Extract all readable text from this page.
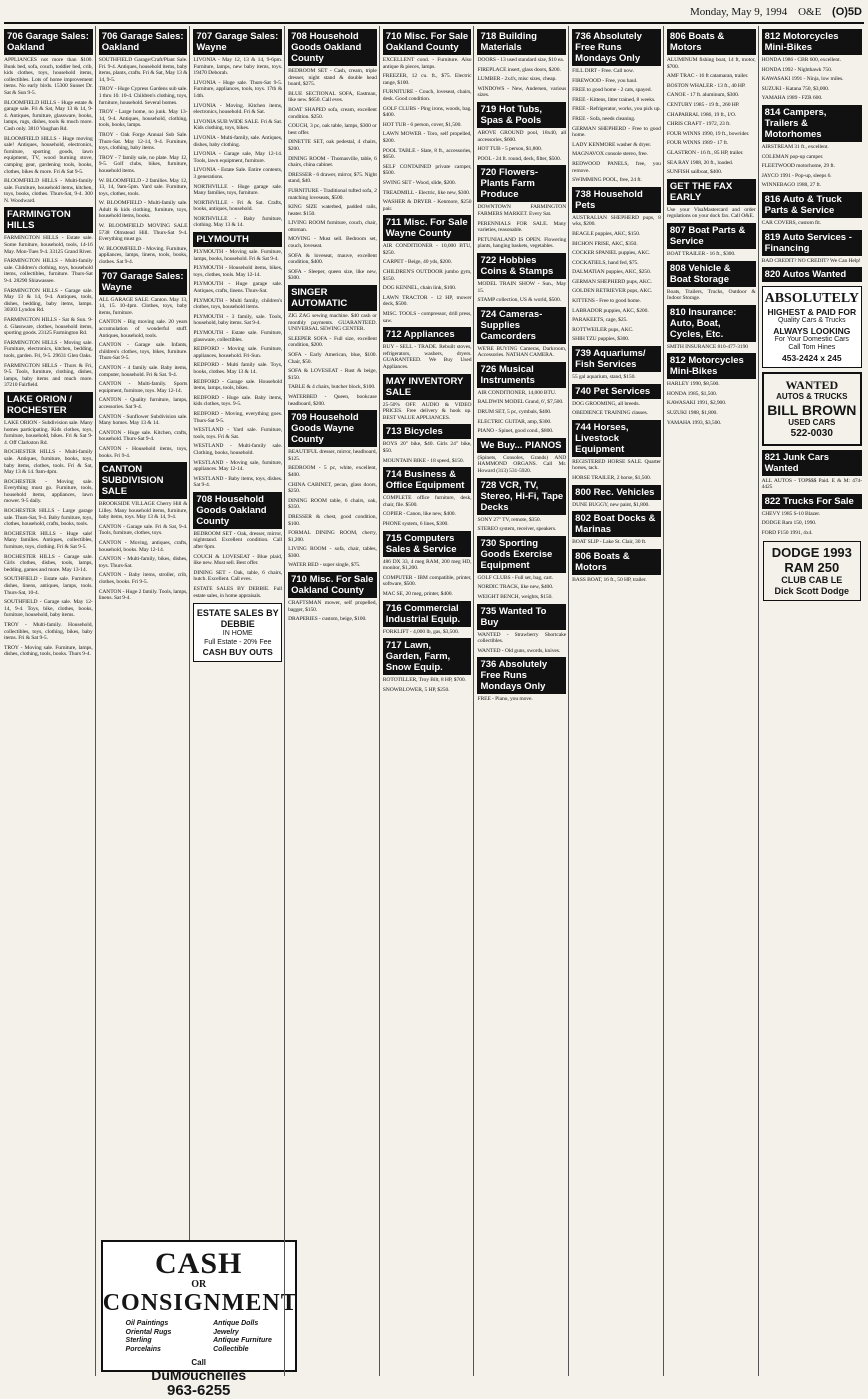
Monday, May 9, 1994 O&E (O)5D
706 Garage Sales: Oakland

APPLIANCES not more than $100. Bunk bed, sofa, couch, toddler bed, crib, kids clothes, toys, household items, collectibles. Lots of home improvement items. No early birds. 15300 Sunset Dr. Sat & Sun 9-5.

BLOOMFIELD HILLS - Huge estate & garage sale. Fri & Sat, May 13 & 14, 9-4. Antiques, furniture, glassware, books, lamps, rugs, dishes, tools & much more. Cash only. 3810 Vaughan Rd.

BLOOMFIELD HILLS - Huge moving sale! Antiques, household, electronics, furniture, sporting goods, lawn equipment, TV, wood burning stove, camping gear, gardening tools, books, clothes, bikes & more. Fri & Sat 9-5.

BLOOMFIELD HILLS - Multi-family sale. Furniture, household items, kitchen, toys, books, clothes. Thurs-Sat, 9-4. 300 N. Woodward.

FARMINGTON HILLS

FARMINGTON HILLS - Estate sale. Some furniture, household, tools, 14-16 May. Mon-Tues 9-4. 33125 Grand River.

FARMINGTON HILLS - Multi-family sale. Children's clothing, toys, household items, collectibles, furniture. Thurs-Sat 9-4. 28290 Shiawassee.

FARMINGTON HILLS - Garage sale. May 13 & 14, 9-4. Antiques, tools, dishes, bedding, baby items, lamps. 30303 Lyndon Rd.

FARMINGTON HILLS - Sat & Sun. 9-4. Glassware, clothes, household items, sporting goods. 23125 Farmington Rd.

FARMINGTON HILLS - Moving sale. Furniture, electronics, kitchen, bedding, tools, garden. Fri, 9-5. 29631 Glen Oaks.

FARMINGTON HILLS - Thurs & Fri, 9-5. Tools, furniture, clothing, dishes, lamps, baby items and much more. 37210 Fairfield.

LAKE ORION / ROCHESTER

LAKE ORION - Subdivision sale. Many homes participating. Kids clothes, toys, furniture, household, bikes. Fri & Sat 9-4. Off Clarkston Rd.

ROCHESTER HILLS - Multi-family sale. Antiques, furniture, books, toys, baby items, clothes, tools. Fri & Sat, May 13 & 14. 9am-4pm.

ROCHESTER - Moving sale. Everything must go. Furniture, tools, household items, appliances, lawn mower. 9-5 daily.

ROCHESTER HILLS - Large garage sale. Thurs-Sat, 9-4. Baby furniture, toys, clothes, household, crafts, books, tools.

ROCHESTER HILLS - Huge sale! Many families. Antiques, collectibles, furniture, toys, clothing. Fri & Sat 9-5.

ROCHESTER HILLS - Garage sale. Girls clothes, dishes, tools, lamps, bedding, games and more. May 13-14.

SOUTHFIELD - Estate sale. Furniture, dishes, linens, antiques, lamps, tools. Thurs-Sat, 10-4.

SOUTHFIELD - Garage sale. May 12-14, 9-4. Toys, bike, clothes, books, furniture, household, baby items.

TROY - Multi-family. Household, collectibles, toys, clothing, bikes, baby items. Fri & Sat 9-5.

TROY - Moving sale. Furniture, lamps, dishes, clothing, tools, books. Thurs 9-4.

706 Garage Sales: Oakland

SOUTHFIELD Garage/Craft/Plant Sale. Fri. 9-4. Antiques, household items, baby items, plants, crafts. Fri & Sat, May 13 & 14, 9-5.

TROY - Huge Cypress Gardens sub sale. 1 thru 10. 10-4. Children's clothing, toys, furniture, household. Several homes.

TROY - Large home, no junk. May 13-14, 9-4. Antiques, household, clothing, tools, books, lamps.

TROY - Oak Forge Annual Sub Sale. Thurs-Sat. May 12-14, 9-4. Furniture, toys, clothing, baby items.

TROY - 7 family sale, no plate. May 12, 9-5. Golf clubs, bikes, furniture, household items.

W. BLOOMFIELD - 2 families. May 12, 13, 14, 9am-5pm. Yard sale. Furniture, toys, clothes, tools.

W. BLOOMFIELD - Multi-family sale. Adult & kids clothing, furniture, toys, household items, books.

W. BLOOMFIELD MOVING SALE 5738 Olmstead Hill. Thurs-Sat 9-4. Everything must go.

W. BLOOMFIELD - Moving. Furniture, appliances, lamps, linens, tools, books, clothes. Sat 9-4.

707 Garage Sales: Wayne

ALL GARAGE SALE. Canton. May 13, 14, 15. 10-4pm. Clothes, toys, baby items, furniture.

CANTON - Big moving sale. 20 years accumulation of wonderful stuff. Antiques, household, tools.

CANTON - Garage sale. Infants, children's clothes, toys, bikes, furniture. Thurs-Sat 9-5.

CANTON - 4 family sale. Baby items, computer, household. Fri & Sat. 9-4.

CANTON - Multi-family. Sports equipment, furniture, toys. May 12-14.

CANTON - Quality furniture, lamps, accessories. Sat 9-4.

CANTON - Sunflower Subdivision sale. Many homes. May 13 & 14.

CANTON - Huge sale. Kitchen, crafts, household. Thurs-Sat 9-4.

CANTON - Household items, toys, books. Fri 9-4.

CANTON SUBDIVISION SALE

BROOKSIDE VILLAGE Cherry Hill & Lilley. Many household items, furniture, baby items, toys. May 13 & 14, 9-4.

CANTON - Garage sale. Fri & Sat, 9-4. Tools, furniture, clothes, toys.

CANTON - Moving, antiques, crafts, household, books. May 12-14.

CANTON - Multi-family, bikes, dishes, toys. Thurs-Sat.

CANTON - Baby items, stroller, crib, clothes, books. Fri 9-5.

CANTON - Huge 2 family. Tools, lamps, linens. Sat 9-4.

CASH
OR
CONSIGNMENT
Oil Paintings
Oriental Rugs
Sterling
Porcelains
Antique Dolls
Jewelry
Antique Furniture
Collectible
Call
DuMouchelles
963-6255
707 Garage Sales: Wayne

LIVONIA - May 12, 13 & 14, 9-6pm. Furniture, lamps, new baby items, toys. 19470 Deborah.

LIVONIA - Huge sale. Thurs-Sat 9-5. Furniture, appliances, tools, toys. 17th & 14th.

LIVONIA - Moving. Kitchen items, electronics, household. Fri & Sat.

LIVONIA SUB WIDE SALE. Fri & Sat. Kids clothing, toys, bikes.

LIVONIA - Multi-family, sale. Antiques, dishes, baby clothing.

LIVONIA - Garage sale, May 12-14. Tools, lawn equipment, furniture.

LIVONIA - Estate Sale. Entire contents, 3 generations.

NORTHVILLE - Huge garage sale. Many families, toys, furniture.

NORTHVILLE - Fri & Sat. Crafts, books, antiques, household.

NORTHVILLE - Baby furniture, clothing. May 13 & 14.

PLYMOUTH

PLYMOUTH - Moving sale. Furniture, lamps, books, household. Fri & Sat 9-4.

PLYMOUTH - Household items, bikes, toys, clothes, tools. May 12-14.

PLYMOUTH - Huge garage sale. Antiques, crafts, linens. Thurs-Sat.

PLYMOUTH - Multi family, children's clothes, toys, household items.

PLYMOUTH - 3 family, sale. Tools, household, baby items. Sat 9-4.

PLYMOUTH - Estate sale. Furniture, glassware, collectibles.

REDFORD - Moving sale. Furniture, appliances, household. Fri-Sun.

REDFORD - Multi family sale. Toys, books, clothes. May 13 & 14.

REDFORD - Garage sale. Household items, lamps, tools, bikes.

REDFORD - Huge sale. Baby items, kids clothes, toys. 9-5.

REDFORD - Moving, everything goes. Thurs-Sat 9-5.

WESTLAND - Yard sale. Furniture, tools, toys. Fri & Sat.

WESTLAND - Multi-family sale. Clothing, books, household.

WESTLAND - Moving sale, furniture, appliances. May 12-14.

WESTLAND - Baby items, toys, dishes. Sat 9-4.

708 Household Goods Oakland County

BEDROOM SET - Oak, dresser, mirror, nightstand. Excellent condition. Call after 6pm.

COUCH & LOVESEAT - Blue plaid, like new. Must sell. Best offer.

DINING SET - Oak, table, 6 chairs, hutch. Excellent. Call eves.

ESTATE SALES BY DEBBIE. Full estate sales, in home appraisals.

ESTATE SALES BY DEBBIE
IN HOME
Full Estate - 20% Fee
CASH BUY OUTS
708 Household Goods Oakland County

BEDROOM SET - Cash, cream, triple dresser, night stand & double head board, $275.

BLUE SECTIONAL SOFA, Eastman, like new. $650. Call eves.

BOAT SHAPED sofa, cream, excellent condition. $250.

COUCH, 3 pc, oak table, lamps, $300 or best offer.

DINETTE SET, oak pedestal, 4 chairs, $200.

DINING ROOM - Thomasville, table, 6 chairs, china cabinet.

DRESSER - 6 drawer, mirror, $75. Night stand, $40.

FURNITURE - Traditional tufted sofa, 2 matching loveseats, $500.

KING SIZE waterbed, padded rails, heater. $150.

LIVING ROOM furniture, couch, chair, ottoman.

MOVING - Must sell. Bedroom set, couch, loveseat.

SOFA & loveseat, mauve, excellent condition, $400.

SOFA - Sleeper, queen size, like new, $300.

SINGER AUTOMATIC

ZIG ZAG sewing machine. $40 cash or monthly payments. GUARANTEED. UNIVERSAL SEWING CENTER.

SLEEPER SOFA - Full size, excellent condition, $200.

SOFA - Early American, blue, $100. Chair, $50.

SOFA & LOVESEAT - Rust & beige, $150.

TABLE & 4 chairs, butcher block, $100.

WATERBED - Queen, bookcase headboard, $200.

709 Household Goods Wayne County

BEAUTIFUL dresser, mirror, headboard, $125.

BEDROOM - 5 pc, white, excellent, $400.

CHINA CABINET, pecan, glass doors, $250.

DINING ROOM table, 6 chairs, oak, $350.

DRESSER & chest, good condition, $100.

FORMAL DINING ROOM, cherry, $1,200.

LIVING ROOM - sofa, chair, tables, $300.

WATER BED - super single, $75.

710 Misc. For Sale Oakland County

CRAFTSMAN mower, self propelled, bagger, $150.

DRAPERIES - custom, beige, $100.

710 Misc. For Sale Oakland County

EXCELLENT cond. - Furniture. Also antique & pieces, lamps.

FREEZER, 12 cu. ft., $75. Electric range, $100.

FURNITURE - Couch, loveseat, chairs, desk. Good condition.

GOLF CLUBS - Ping irons, woods, bag. $400.

HOT TUB - 6 person, cover, $1,500.

LAWN MOWER - Toro, self propelled, $200.

POOL TABLE - Slate, 8 ft., accessories, $650.

SELF CONTAINED private camper, $500.

SWING SET - Wood, slide, $200.

TREADMILL - Electric, like new, $300.

WASHER & DRYER - Kenmore, $250 pair.

711 Misc. For Sale Wayne County

AIR CONDITIONER - 10,000 BTU, $250.

CARPET - Beige, 40 yds, $200.

CHILDREN'S OUTDOOR jumbo gym, $150.

DOG KENNEL, chain link, $100.

LAWN TRACTOR - 12 HP, mower deck, $500.

MISC. TOOLS - compressor, drill press, saw.

712 Appliances

BUY - SELL - TRADE. Rebuilt stoves, refrigerators, washers, dryers. GUARANTEED. We Buy Used Appliances.

MAY INVENTORY SALE

25-50% OFF. AUDIO & VIDEO PRICES. Free delivery & hook up. BEST VALUE APPLIANCES.

713 Bicycles

BOYS 20" bike, $40. Girls 24" bike, $50.

MOUNTAIN BIKE - 18 speed, $150.

714 Business & Office Equipment

COMPLETE office furniture, desk, chair, file. $500.

COPIER - Canon, like new, $400.

PHONE system, 6 lines, $300.

715 Computers Sales & Service

486 DX 33, 4 meg RAM, 200 meg HD, monitor, $1,200.

COMPUTER - IBM compatible, printer, software, $500.

MAC SE, 20 meg, printer, $400.

716 Commercial Industrial Equip.

FORKLIFT - 4,000 lb, gas, $3,500.

717 Lawn, Garden, Farm, Snow Equip.

ROTOTILLER, Troy Bilt, 8 HP, $700.

SNOWBLOWER, 5 HP, $250.

718 Building Materials

DOORS - 13 used standard size, $10 ea.

FIREPLACE insert, glass doors, $200.

LUMBER - 2x4's, misc sizes, cheap.

WINDOWS - New, Andersen, various sizes.

719 Hot Tubs, Spas & Pools

ABOVE GROUND pool, 18x40, all accessories, $600.

HOT TUB - 5 person, $1,800.

POOL - 24 ft. round, deck, filter, $500.

720 Flowers-Plants Farm Produce

DOWNTOWN FARMINGTON FARMERS MARKET. Every Sat.

PERENNIALS FOR SALE. Many varieties, reasonable.

PETUNIALAND IS OPEN. Flowering plants, hanging baskets, vegetables.

722 Hobbies Coins & Stamps

MODEL TRAIN SHOW - Sun., May 15.

STAMP collection, US & world, $500.

724 Cameras-Supplies Camcorders

WE'RE BUYING Cameras, Darkroom, Accessories. NATHAN CAMERA.

726 Musical Instruments

AIR CONDITIONER, 14,000 BTU.

BALDWIN MODEL Grand, 6', $7,500.

DRUM SET, 5 pc, cymbals, $400.

ELECTRIC GUITAR, amp, $300.

PIANO - Spinet, good cond., $800.

We Buy... PIANOS

(Spinets, Consoles, Grands) AND HAMMOND ORGANS. Call Mr. Howard (313) 531-5920.

728 VCR, TV, Stereo, Hi-Fi, Tape Decks

SONY 27" TV, remote, $350.

STEREO system, receiver, speakers.

730 Sporting Goods Exercise Equipment

GOLF CLUBS - Full set, bag, cart.

NORDIC TRACK, like new, $400.

WEIGHT BENCH, weights, $150.

735 Wanted To Buy

WANTED - Strawberry Shortcake collectibles.

WANTED - Old guns, swords, knives.

736 Absolutely Free Runs Mondays Only

FREE - Piano, you move.

736 Absolutely Free Runs Mondays Only

FILL DIRT - Free. Call now.

FIREWOOD - Free, you haul.

FREE to good home - 2 cats, spayed.

FREE - Kittens, litter trained, 8 weeks.

FREE - Refrigerator, works, you pick up.

FREE - Sofa, needs cleaning.

GERMAN SHEPHERD - Free to good home.

LADY KENMORE washer & dryer.

MAGNAVOX console stereo, free.

REDWOOD PANELS, free, you remove.

SWIMMING POOL, free, 24 ft.

738 Household Pets

AUSTRALIAN SHEPHERD pups, 8 wks, $200.

BEAGLE puppies, AKC, $150.

BICHON FRISE, AKC, $350.

COCKER SPANIEL puppies, AKC.

COCKATIELS, hand fed, $75.

DALMATIAN puppies, AKC, $250.

GERMAN SHEPHERD pups, AKC.

GOLDEN RETRIEVER pups, AKC.

KITTENS - Free to good home.

LABRADOR puppies, AKC, $200.

PARAKEETS, cage, $25.

ROTTWEILER pups, AKC.

SHIH TZU puppies, $300.

739 Aquariums/ Fish Services

55 gal aquarium, stand, $150.

740 Pet Services

DOG GROOMING, all breeds.

OBEDIENCE TRAINING classes.

744 Horses, Livestock Equipment

REGISTERED HORSE SALE. Quarter horses, tack.

HORSE TRAILER, 2 horse, $1,500.

800 Rec. Vehicles

DUNE BUGGY, new paint, $1,800.

802 Boat Docks & Marinas

BOAT SLIP - Lake St. Clair, 30 ft.

806 Boats & Motors

BASS BOAT, 16 ft., 50 HP, trailer.

806 Boats & Motors

ALUMINUM fishing boat, 14 ft, motor, $700.

AMF TRAC - 16 ft catamaran, trailer.

BOSTON WHALER - 13 ft., 40 HP.

CANOE - 17 ft. aluminum, $300.

CENTURY 1985 - 19 ft., 260 HP.

CHAPARRAL 1986, 19 ft., I/O.

CHRIS CRAFT - 1972, 23 ft.

FOUR WINNS 1990, 19 ft., bowrider.

FOUR WINNS 1989 - 17 ft.

GLASTRON - 16 ft., 85 HP, trailer.

SEA RAY 1988, 20 ft., loaded.

SUNFISH sailboat, $400.

GET THE FAX EARLY

Use your VisaMastercard and order regulations on your dock fax. Call O&E.

807 Boat Parts & Service

BOAT TRAILER - 16 ft., $300.

808 Vehicle & Boat Storage

Boats, Trailers, Trucks, Outdoor & Indoor Storage.

810 Insurance: Auto, Boat, Cycles, Etc.

SMITH INSURANCE 810-477-3190

812 Motorcycles Mini-Bikes

HARLEY 1990, $8,500.

HONDA 1985, $1,500.

KAWASAKI 1991, $2,900.

SUZUKI 1988, $1,800.

YAMAHA 1993, $3,500.

812 Motorcycles Mini-Bikes

HONDA 1986 - CBR 600, excellent.

HONDA 1992 - Nighthawk 750.

KAWASAKI 1991 - Ninja, low miles.

SUZUKI - Katana 750, $3,000.

YAMAHA 1989 - FZR 600.

814 Campers, Trailers & Motorhomes

AIRSTREAM 31 ft., excellent.

COLEMAN pop-up camper.

FLEETWOOD motorhome, 29 ft.

JAYCO 1991 - Pop-up, sleeps 6.

WINNEBAGO 1988, 27 ft.

816 Auto & Truck Parts & Service

CAR COVERS, custom fit.

819 Auto Services - Financing

BAD CREDIT? NO CREDIT? We Can Help!

820 Autos Wanted
ABSOLUTELY
HIGHEST & PAID FOR
Quality Cars & Trucks
ALWAYS LOOKING
For Your Domestic Cars
Call Tom Hines
453-2424 x 245
WANTED
AUTOS & TRUCKS
BILL BROWN
USED CARS
522-0030
821 Junk Cars Wanted

ALL AUTOS - TOP$$$ Paid. E & M: 474-4425

822 Trucks For Sale

CHEVY 1985 S-10 Blazer.

DODGE Ram 150, 1990.

FORD F150 1991, 4x4.

DODGE 1993
RAM 250
CLUB CAB LE
Dick Scott Dodge
